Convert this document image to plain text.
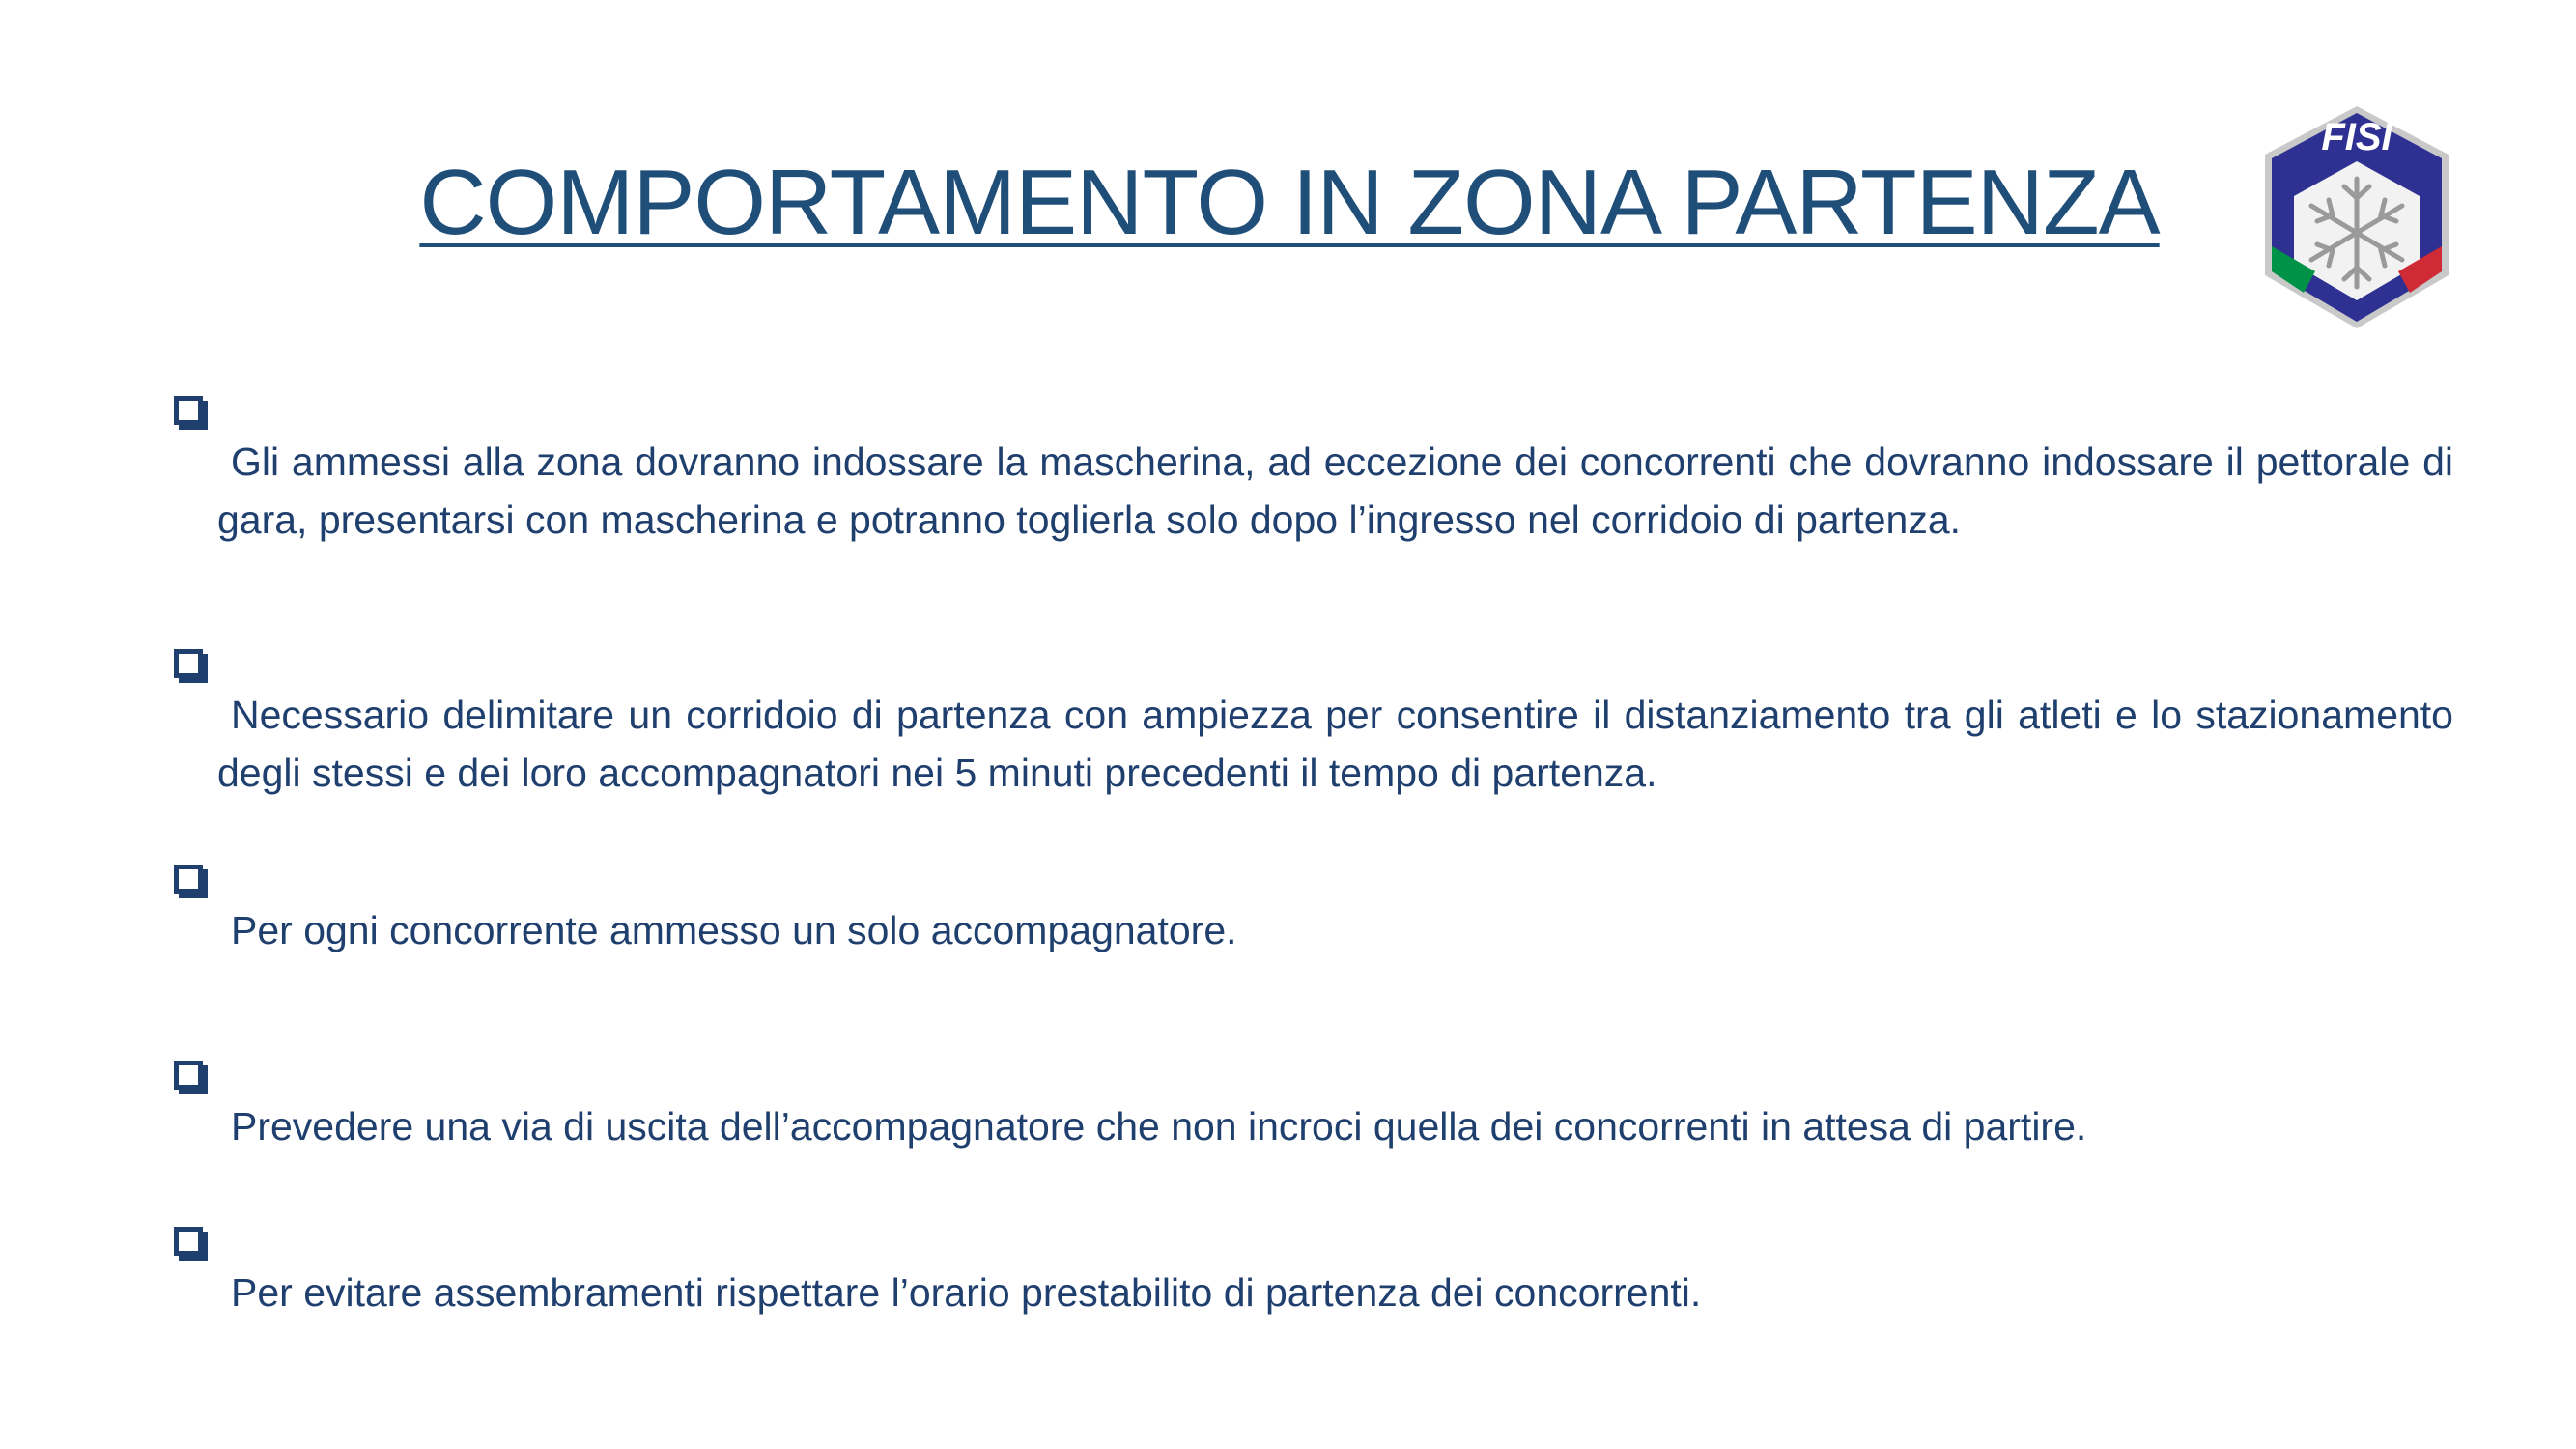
COMPORTAMENTO IN ZONA PARTENZA
FISI
Gli ammessi alla zona dovranno indossare la mascherina, ad eccezione dei concorrenti che dovranno indossare il pettorale di gara, presentarsi con mascherina e potranno toglierla solo dopo l’ingresso nel corridoio di partenza.
Necessario delimitare un corridoio di partenza con ampiezza per consentire il distanziamento tra gli atleti e lo stazionamento degli stessi e dei loro accompagnatori nei 5 minuti precedenti il tempo di partenza.
Per ogni concorrente ammesso un solo accompagnatore.
Prevedere una via di uscita dell’accompagnatore che non incroci quella dei concorrenti in attesa di partire.
Per evitare assembramenti rispettare l’orario prestabilito di partenza dei concorrenti.
